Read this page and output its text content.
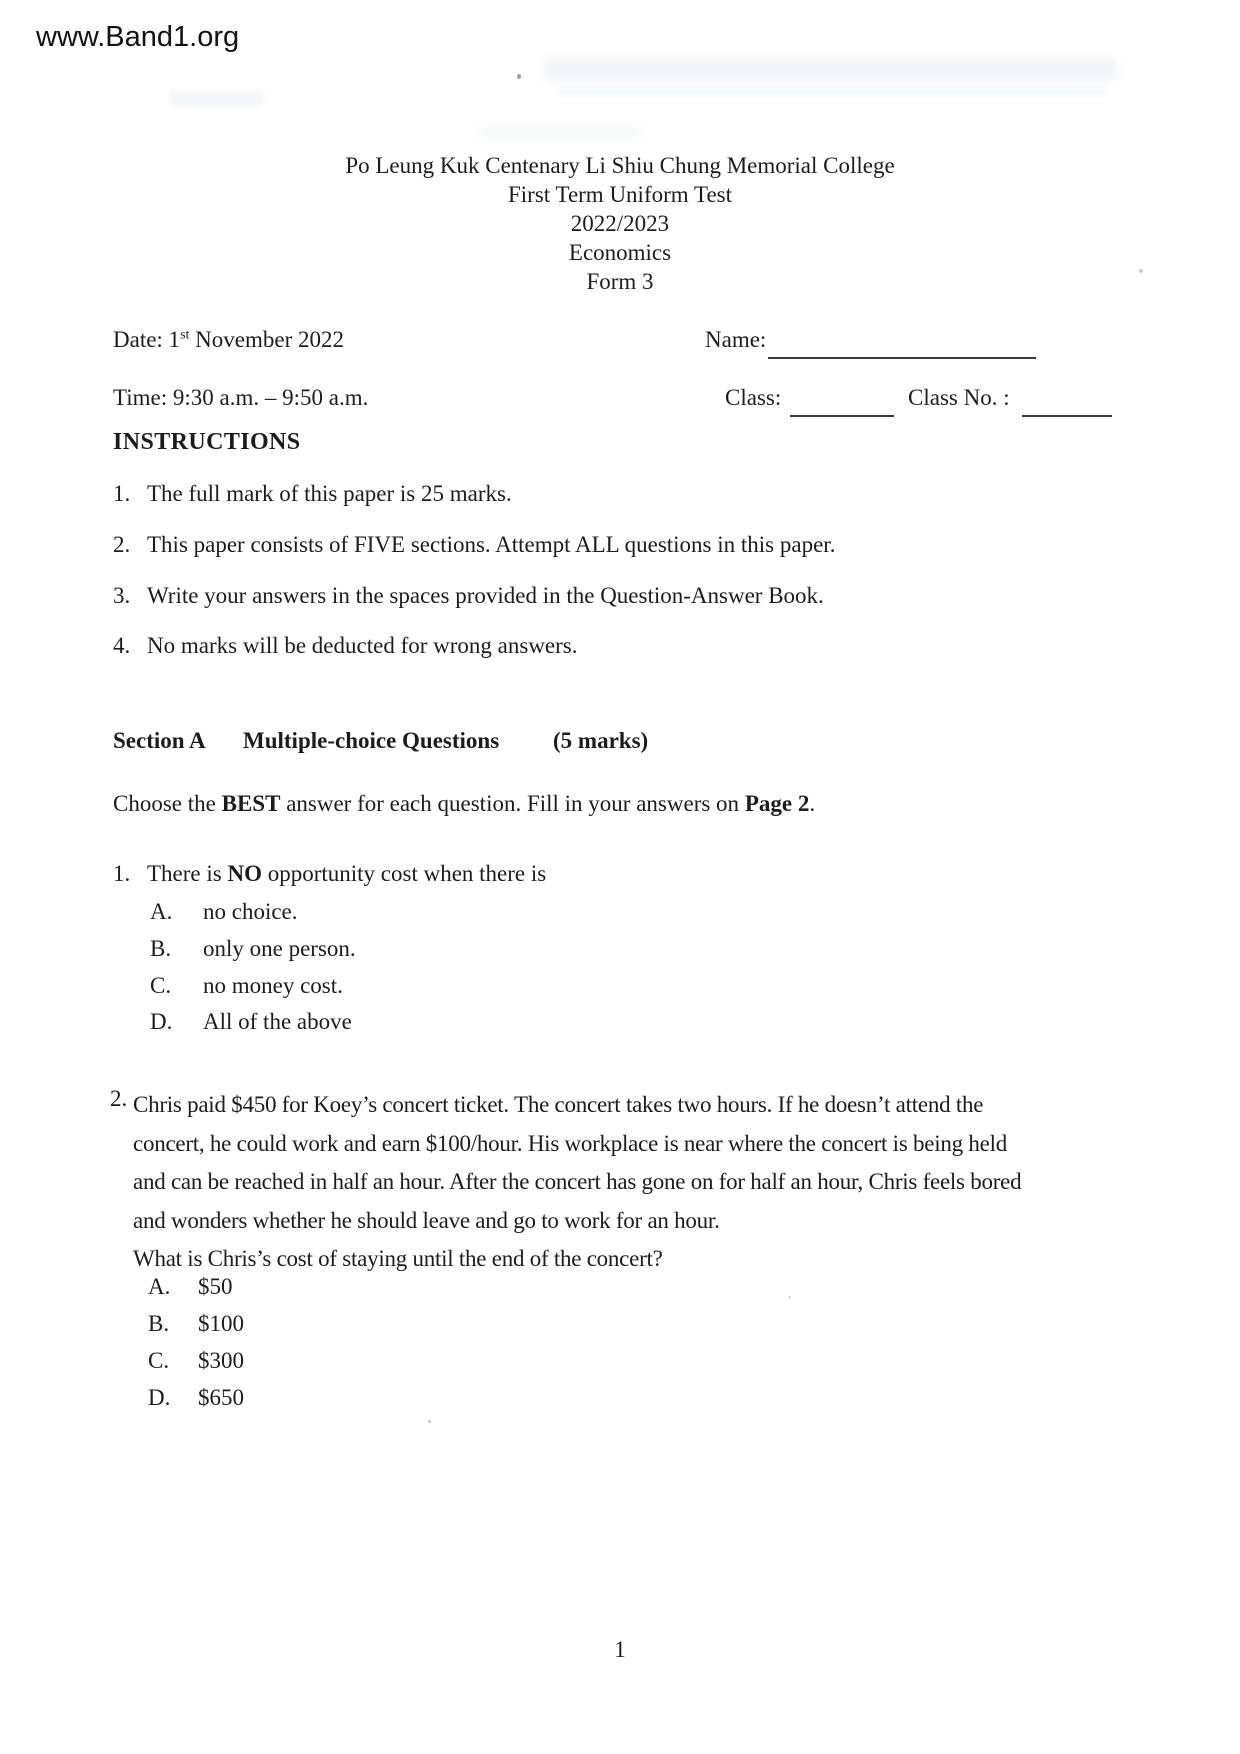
www.Band1.org
Po Leung Kuk Centenary Li Shiu Chung Memorial College
First Term Uniform Test
2022/2023
Economics
Form 3
Date: 1st November 2022	Name:
Time: 9:30 a.m. – 9:50 a.m.	Class:	Class No. :
INSTRUCTIONS
1. The full mark of this paper is 25 marks.
2. This paper consists of FIVE sections. Attempt ALL questions in this paper.
3. Write your answers in the spaces provided in the Question-Answer Book.
4. No marks will be deducted for wrong answers.
Section A Multiple-choice Questions (5 marks)
Choose the BEST answer for each question. Fill in your answers on Page 2.
1. There is NO opportunity cost when there is
A. no choice.
B. only one person.
C. no money cost.
D. All of the above
2. Chris paid $450 for Koey’s concert ticket. The concert takes two hours. If he doesn’t attend the
concert, he could work and earn $100/hour. His workplace is near where the concert is being held
and can be reached in half an hour. After the concert has gone on for half an hour, Chris feels bored
and wonders whether he should leave and go to work for an hour.
What is Chris’s cost of staying until the end of the concert?
A. $50
B. $100
C. $300
D. $650
1
